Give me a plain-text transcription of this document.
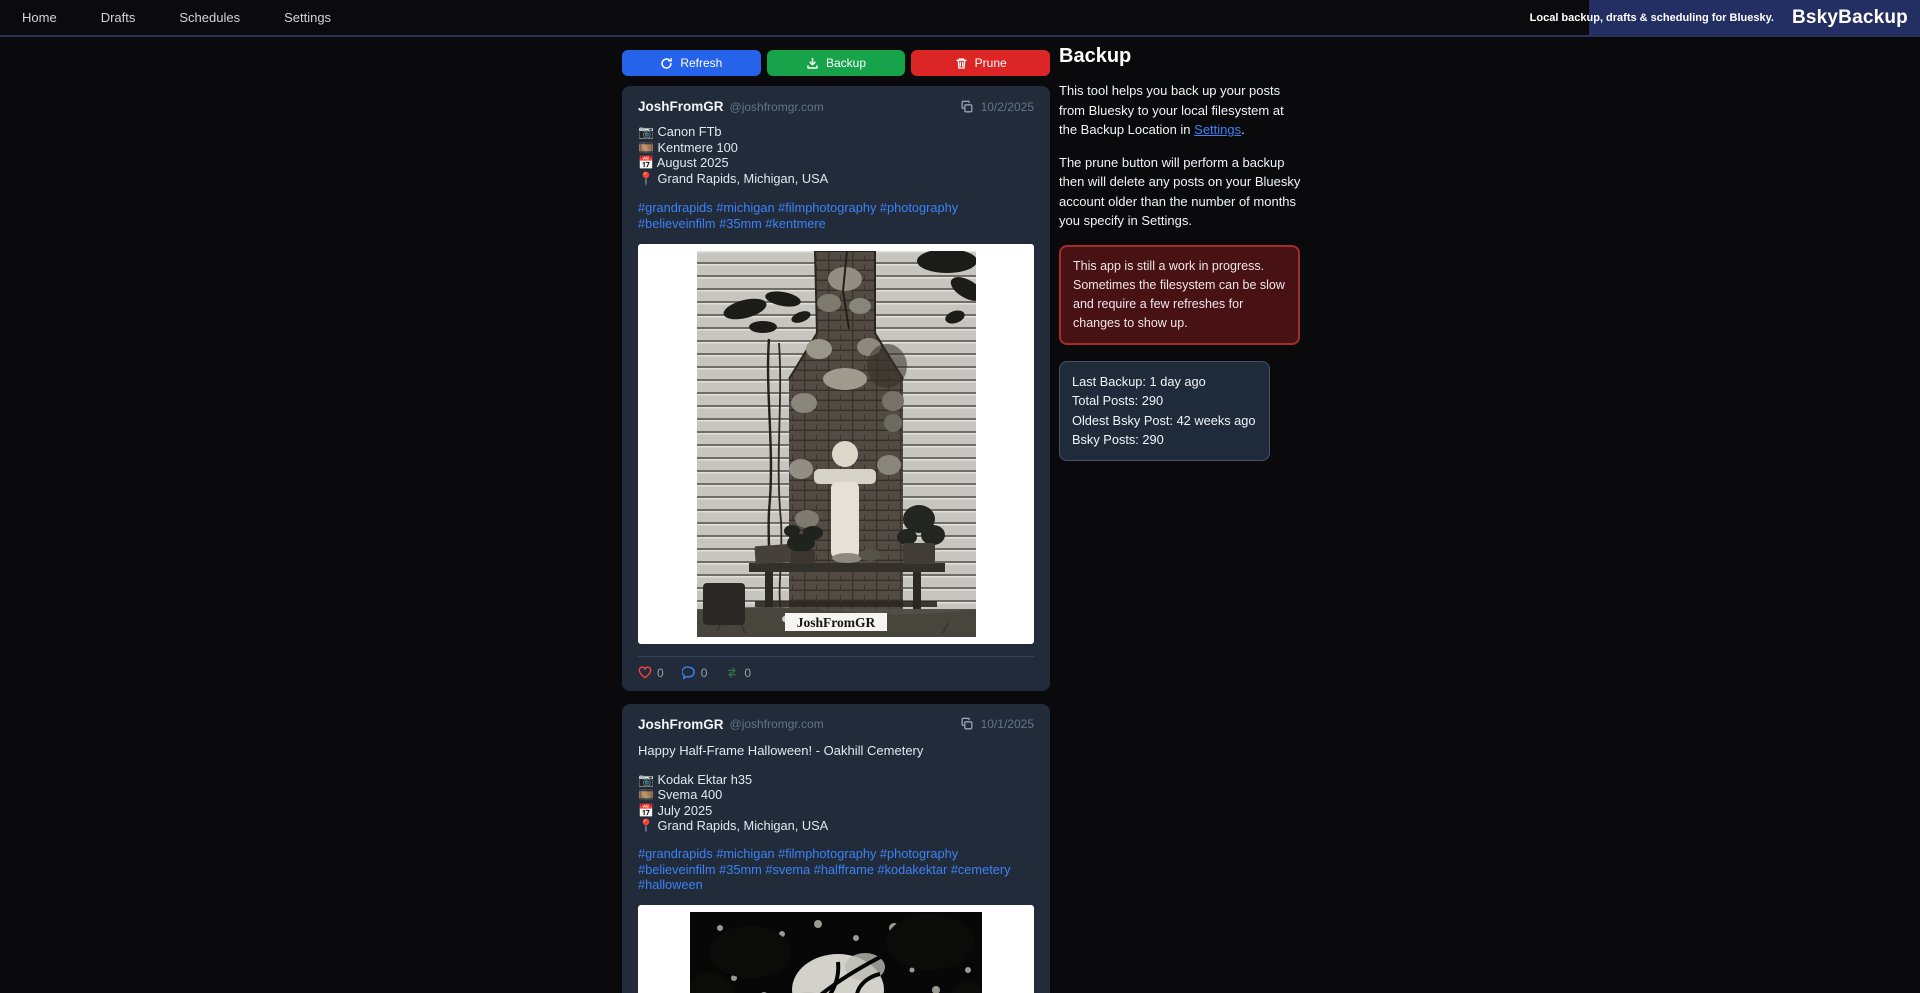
Home	Drafts	Schedules	Settings	Local backup, drafts & scheduling for Bluesky. BskyBackup
Refresh	Backup	Prune
JoshFromGR @joshfromgr.com	10/2/2025
📷 Canon FTb
🎞️ Kentmere 100
📅 August 2025
📍 Grand Rapids, Michigan, USA
#grandrapids #michigan #filmphotography #photography #believeinfilm #35mm #kentmere
JoshFromGR
0	0	0
JoshFromGR @joshfromgr.com	10/1/2025
Happy Half-Frame Halloween! - Oakhill Cemetery
📷 Kodak Ektar h35
🎞️ Svema 400
📅 July 2025
📍 Grand Rapids, Michigan, USA
#grandrapids #michigan #filmphotography #photography #believeinfilm #35mm #svema #halfframe #kodakektar #cemetery #halloween
Backup

This tool helps you back up your posts from Bluesky to your local filesystem at the Backup Location in Settings.

The prune button will perform a backup then will delete any posts on your Bluesky account older than the number of months you specify in Settings.

This app is still a work in progress. Sometimes the filesystem can be slow and require a few refreshes for changes to show up.
Last Backup: 1 day ago
Total Posts: 290
Oldest Bsky Post: 42 weeks ago
Bsky Posts: 290
